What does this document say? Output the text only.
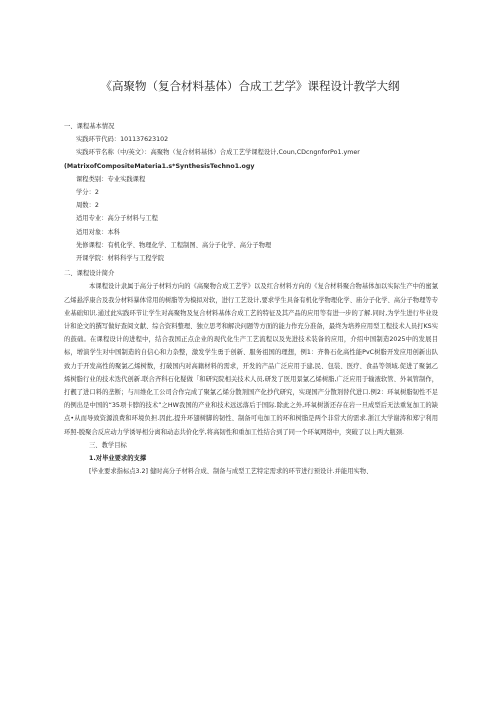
《高聚物（复合材料基体）合成工艺学》课程设计教学大纲

一、课程基本情况

实践环节代码：101137623102

实践环节名称（中/英文）：高聚物（复合材料基体）合成工艺学课程设计,Coun,CDcngnforPo1.ymer

(MatrixofCompositeMateria1.s*SynthesisTechno1.ogy

课程类别：专业实践课程

学分：2

周数：2

适用专业：高分子材料与工程

适用对象：本科

先修课程：有机化学、物理化学、工程制图、高分子化学、高分子物理

开课学院：材料科学与工程学院

二、课程设计简介

本课程设计隶属于高分子材料方向的《高聚物合成工艺学》以及红合材料方向的《复合材料聚合物基体加以实际生产中的蜜氯乙烯悬浮康合及我分材料暴体常用的树脂等为模拟对软，进行工艺设计,要求学生具备有机化学物理化学、庙分子化学、高分子物理等专业基础知识.通过此实践环节让学生对高聚物及复合材料基体合成工艺的特征及其产品的应用等有进一步的了解.同时,为学生进行毕业设计和论文的撰写做好查阅文献、综合资料整理、独立思考和解决问题等方面的能力作充分准备，最终为培养应用型工程技术人员打KS实的鼓础。在课程设计的进程中，结合我国正点企业的现代化生产工艺流程以及先进技术装备的应用，介绍中国制造2025中的发展目标，增演学生对中国制造的自信心和力杂整，激发学生勇于创新、服务祖国的理想，例1：齐鲁石化高性能PvC树脂开发应用创新出队致力于开发高性的聚氯乙烯树数，打破国内对高籍材料的需求，开发的产品广泛应用于建,民、包装、医疗、食品等领域.促进了聚氯乙烯树脂行业的技术迭代创新.联合齐科石化疑做「和研究院相关技术人员,研发了医用景氯乙烯树脂,广泛应用于输液软管、外氧管制作，打靓了进口料的垄断；与川维化工公司合作完成了聚氯乙烯分散剂国产化抄代研究，实现国产分散剂替代进口.例2：环氧树脂韧性不足的例出是中国的“35项卡脖的技术”之HW我国的产业和技术远远落后于国际.除此之外,环氧树浙还存在岩一旦成型后无法重复加工的缺点•从而导致资源浪费和环境负担.因此,提升环翅树脚的韧性、制备可电加工的环和树脂是两个非常大的需求.浙江大学谢涛和郑宁利用环照-脱聚合反应动力学诱导相分离和动态共价化学,将高韧性和重加工性结合到了同一个环氧网络中，突破了以上两大瓶颈.

三、教学目标

1.对毕业要求的支撑

[毕业要求指标点3.2] 健时高分子材料合成、制备与成型工艺特定需求的环节进行预设计.并能用实物、
